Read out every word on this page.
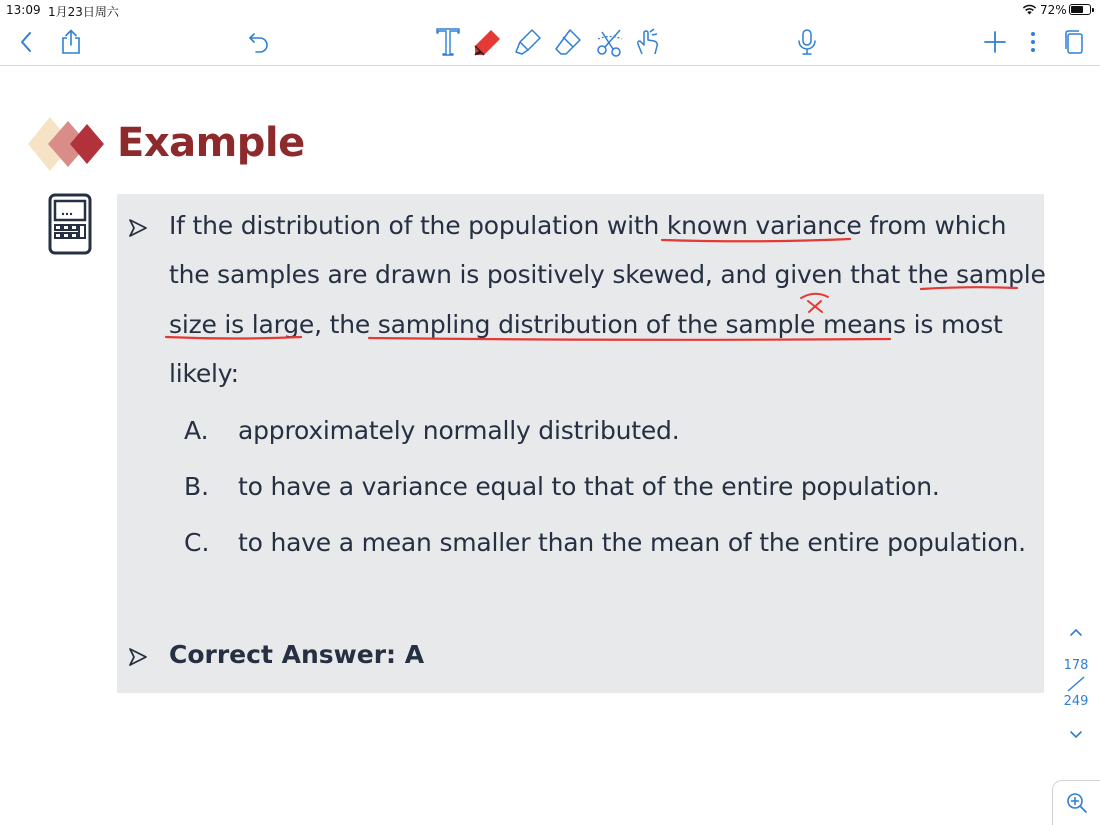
13:09 1月23日周六	72%
Example
If the distribution of the population with known variance from which
the samples are drawn is positively skewed, and given that the sample
size is large, the sampling distribution of the sample means is most
likely:
A. approximately normally distributed.
B. to have a variance equal to that of the entire population.
C. to have a mean smaller than the mean of the entire population.
Correct Answer: A	178
249
